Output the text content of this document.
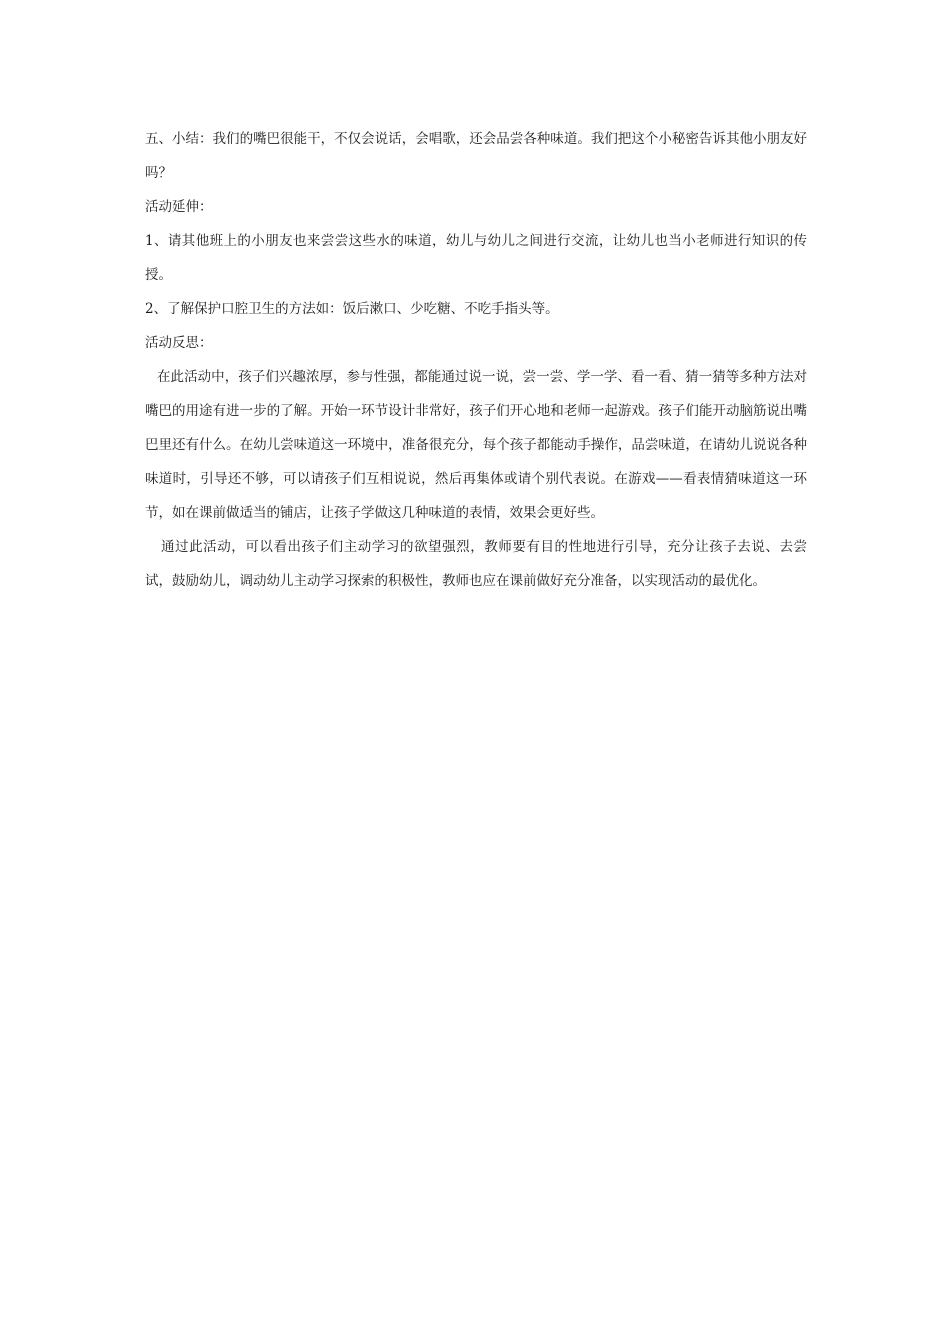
五、小结：我们的嘴巴很能干，不仅会说话，会唱歌，还会品尝各种味道。我们把这个小秘密告诉其他小朋友好吗？

活动延伸：

1、请其他班上的小朋友也来尝尝这些水的味道，幼儿与幼儿之间进行交流，让幼儿也当小老师进行知识的传授。

2、了解保护口腔卫生的方法如：饭后漱口、少吃糖、不吃手指头等。

活动反思：

在此活动中，孩子们兴趣浓厚，参与性强，都能通过说一说，尝一尝、学一学、看一看、猜一猜等多种方法对嘴巴的用途有进一步的了解。开始一环节设计非常好，孩子们开心地和老师一起游戏。孩子们能开动脑筋说出嘴巴里还有什么。在幼儿尝味道这一环境中，准备很充分，每个孩子都能动手操作，品尝味道，在请幼儿说说各种味道时，引导还不够，可以请孩子们互相说说，然后再集体或请个别代表说。在游戏——看表情猜味道这一环节，如在课前做适当的铺店，让孩子学做这几种味道的表情，效果会更好些。

通过此活动，可以看出孩子们主动学习的欲望强烈，教师要有目的性地进行引导，充分让孩子去说、去尝试，鼓励幼儿，调动幼儿主动学习探索的积极性，教师也应在课前做好充分准备，以实现活动的最优化。
